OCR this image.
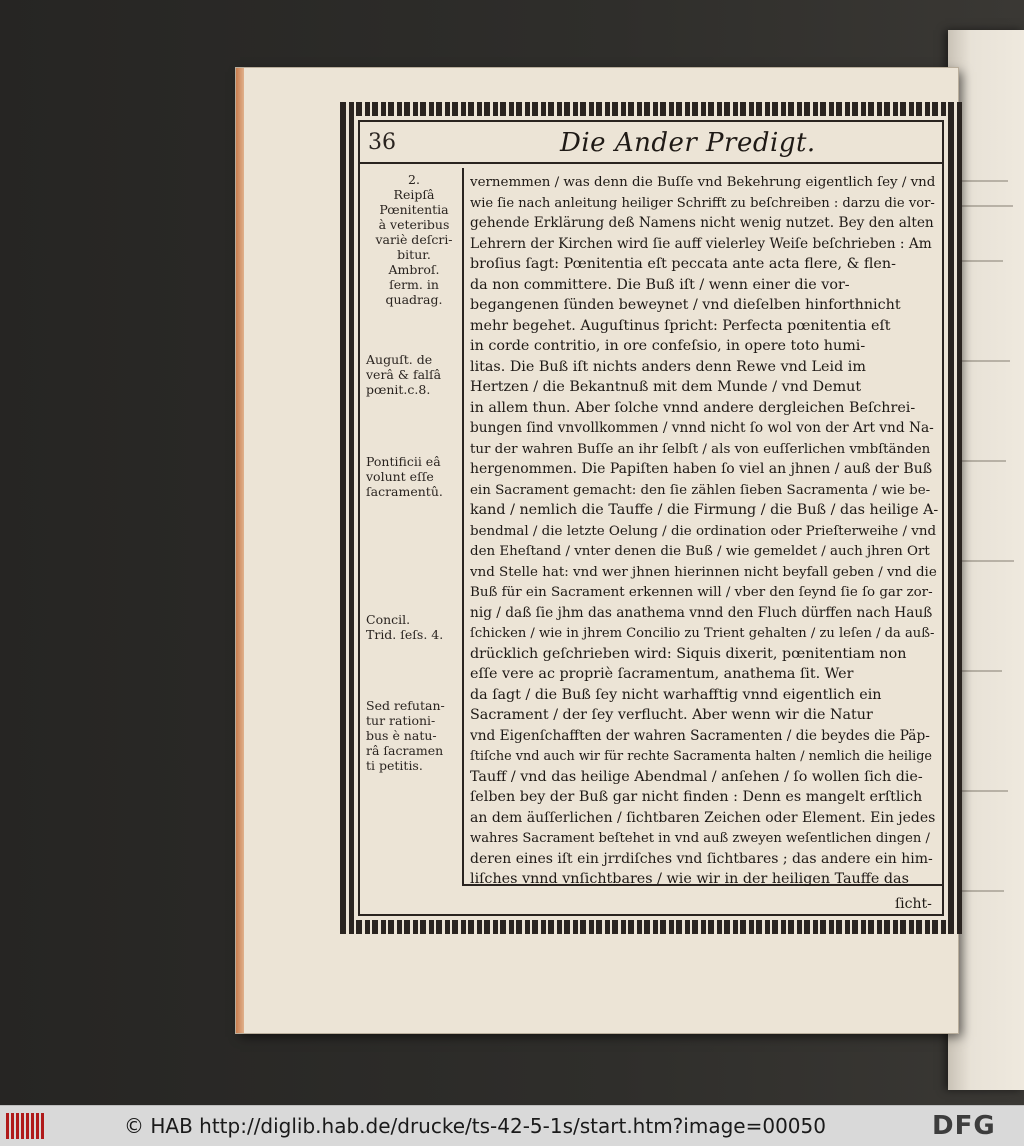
36	Die Ander Predigt.
2.
Reipſâ
Pœnitentia
à veteribus
variè deſcri-
bitur.
Ambroſ.
ſerm. in
quadrag.
Auguſt. de
verâ & falſâ
pœnit.c.8.
Pontificii eâ
volunt eſſe
ſacramentû.
Concil.
Trid. ſeſs. 4.
Sed refutan-
tur rationi-
bus è natu-
râ ſacramen
ti petitis.
vernemmen / was denn die Buſſe vnd Bekehrung eigentlich ſey / vnd
wie ſie nach anleitung heiliger Schrifft zu beſchreiben : darzu die vor-
gehende Erklärung deß Namens nicht wenig nutzet. Bey den alten
Lehrern der Kirchen wird ſie auff vielerley Weiſe beſchrieben : Am
broſius ſagt: Pœnitentia eſt peccata ante acta flere, & flen-
da non committere. Die Buß iſt / wenn einer die vor-
begangenen ſünden beweynet / vnd dieſelben hinforthnicht
mehr begehet. Auguſtinus ſpricht: Perfecta pœnitentia eſt
in corde contritio, in ore confeſsio, in opere toto humi-
litas. Die Buß iſt nichts anders denn Rewe vnd Leid im
Hertzen / die Bekantnuß mit dem Munde / vnd Demut
in allem thun. Aber ſolche vnnd andere dergleichen Beſchrei-
bungen ſind vnvollkommen / vnnd nicht ſo wol von der Art vnd Na-
tur der wahren Buſſe an ihr ſelbſt / als von euſſerlichen vmbſtänden
hergenommen. Die Papiſten haben ſo viel an jhnen / auß der Buß
ein Sacrament gemacht: den ſie zählen ſieben Sacramenta / wie be-
kand / nemlich die Tauffe / die Firmung / die Buß / das heilige A-
bendmal / die letzte Oelung / die ordination oder Prieſterweihe / vnd
den Eheſtand / vnter denen die Buß / wie gemeldet / auch jhren Ort
vnd Stelle hat: vnd wer jhnen hierinnen nicht beyfall geben / vnd die
Buß für ein Sacrament erkennen will / vber den ſeynd ſie ſo gar zor-
nig / daß ſie jhm das anathema vnnd den Fluch dürffen nach Hauß
ſchicken / wie in jhrem Concilio zu Trient gehalten / zu leſen / da auß-
drücklich geſchrieben wird: Siquis dixerit, pœnitentiam non
eſſe vere ac propriè ſacramentum, anathema ſit. Wer
da ſagt / die Buß ſey nicht warhafftig vnnd eigentlich ein
Sacrament / der ſey verflucht. Aber wenn wir die Natur
vnd Eigenſchafften der wahren Sacramenten / die beydes die Päp-
ſtiſche vnd auch wir für rechte Sacramenta halten / nemlich die heilige
Tauff / vnd das heilige Abendmal / anſehen / ſo wollen ſich die-
ſelben bey der Buß gar nicht finden : Denn es mangelt erſtlich
an dem äuſſerlichen / ſichtbaren Zeichen oder Element. Ein jedes
wahres Sacrament beſtehet in vnd auß zweyen weſentlichen dingen /
deren eines iſt ein jrrdiſches vnd ſichtbares ; das andere ein him-
liſches vnnd vnſichtbares / wie wir in der heiligen Tauffe das
ſicht-
© HAB http://diglib.hab.de/drucke/ts-42-5-1s/start.htm?image=00050	DFG
